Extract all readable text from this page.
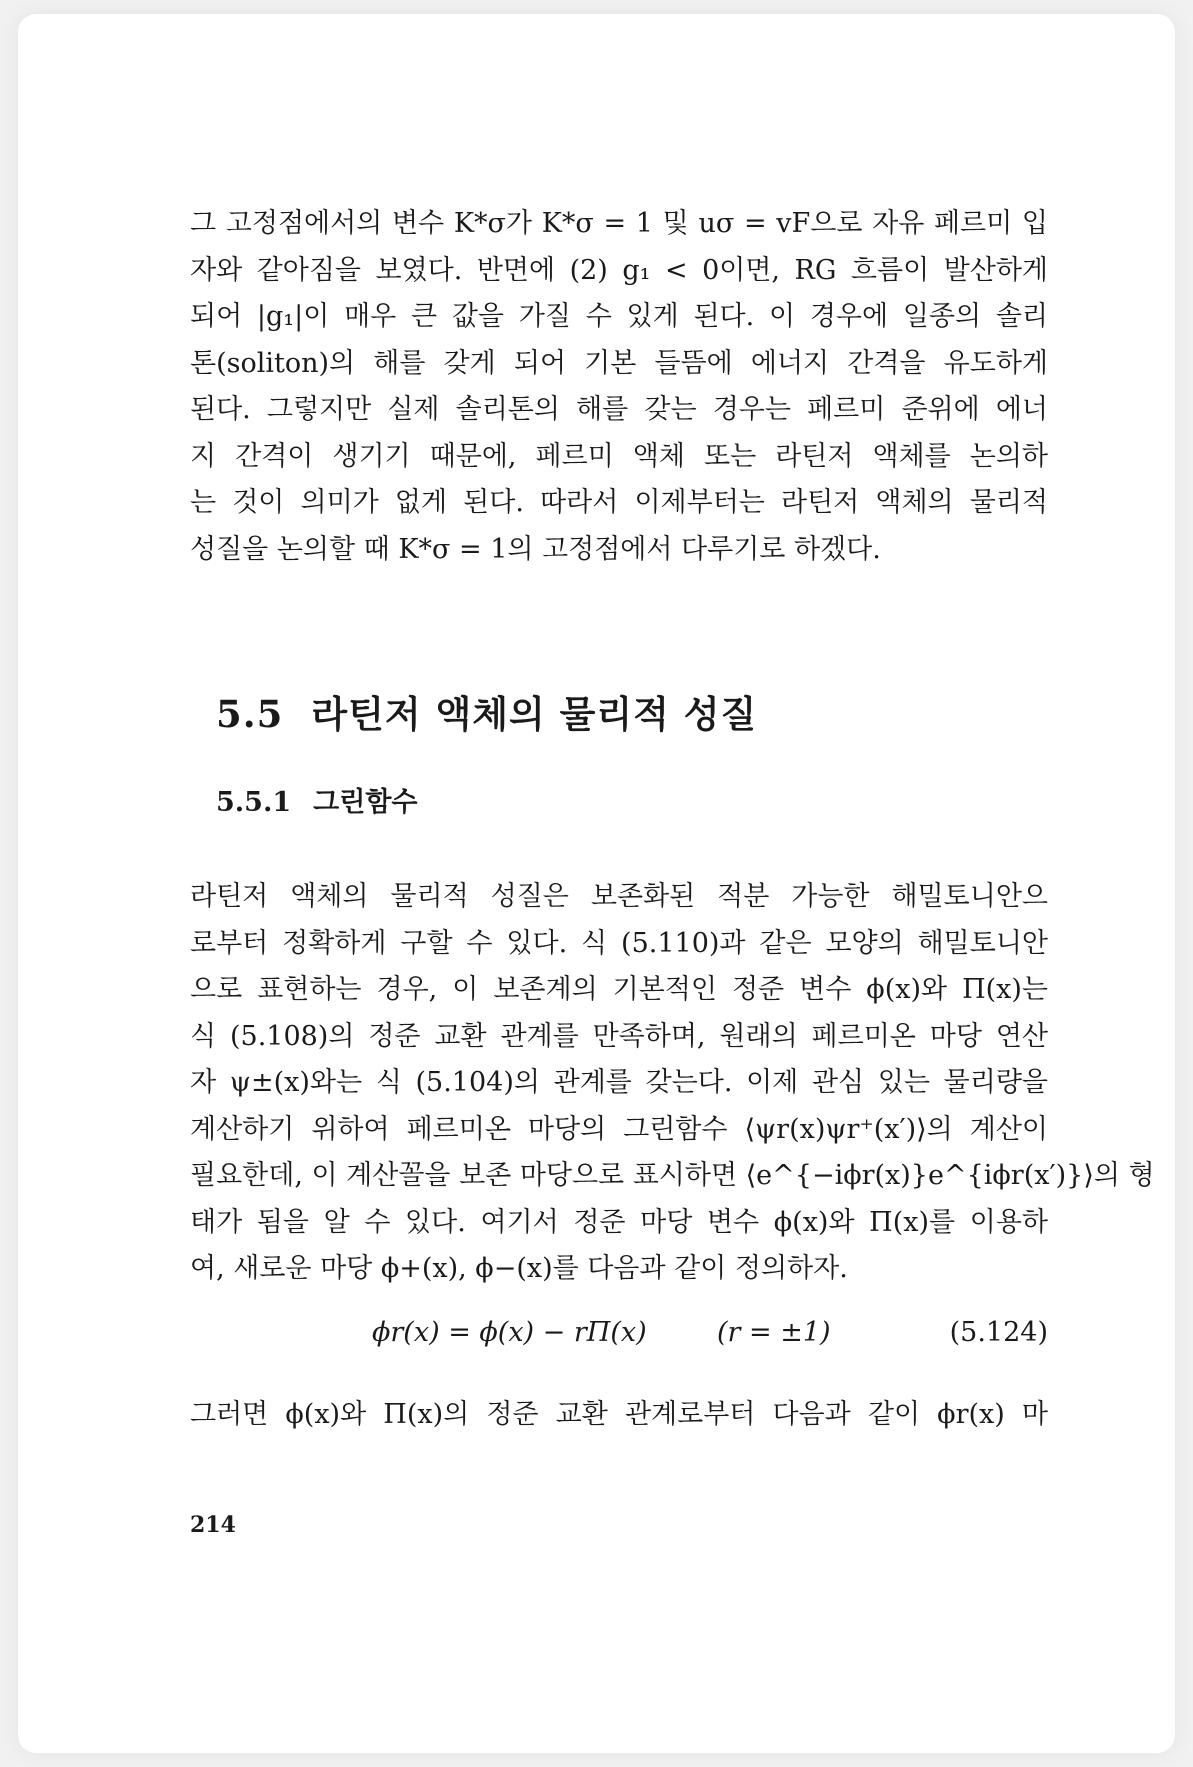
그 고정점에서의 변수 K*σ가 K*σ = 1 및 uσ = vF으로 자유 페르미 입
자와 같아짐을 보였다. 반면에 (2) g₁ < 0이면, RG 흐름이 발산하게
되어 |g₁|이 매우 큰 값을 가질 수 있게 된다. 이 경우에 일종의 솔리
톤(soliton)의 해를 갖게 되어 기본 들뜸에 에너지 간격을 유도하게
된다. 그렇지만 실제 솔리톤의 해를 갖는 경우는 페르미 준위에 에너
지 간격이 생기기 때문에, 페르미 액체 또는 라틴저 액체를 논의하
는 것이 의미가 없게 된다. 따라서 이제부터는 라틴저 액체의 물리적
성질을 논의할 때 K*σ = 1의 고정점에서 다루기로 하겠다.
5.5 라틴저 액체의 물리적 성질
5.5.1 그린함수
라틴저 액체의 물리적 성질은 보존화된 적분 가능한 해밀토니안으
로부터 정확하게 구할 수 있다. 식 (5.110)과 같은 모양의 해밀토니안
으로 표현하는 경우, 이 보존계의 기본적인 정준 변수 ϕ(x)와 Π(x)는
식 (5.108)의 정준 교환 관계를 만족하며, 원래의 페르미온 마당 연산
자 ψ±(x)와는 식 (5.104)의 관계를 갖는다. 이제 관심 있는 물리량을
계산하기 위하여 페르미온 마당의 그린함수 ⟨ψr(x)ψr⁺(x′)⟩의 계산이
필요한데, 이 계산꼴을 보존 마당으로 표시하면 ⟨e^{−iϕr(x)}e^{iϕr(x′)}⟩의 형
태가 됨을 알 수 있다. 여기서 정준 마당 변수 ϕ(x)와 Π(x)를 이용하
여, 새로운 마당 ϕ+(x), ϕ−(x)를 다음과 같이 정의하자.
ϕr(x) = ϕ(x) − rΠ(x)	(r = ±1)	(5.124)
그러면 ϕ(x)와 Π(x)의 정준 교환 관계로부터 다음과 같이 ϕr(x) 마
214
